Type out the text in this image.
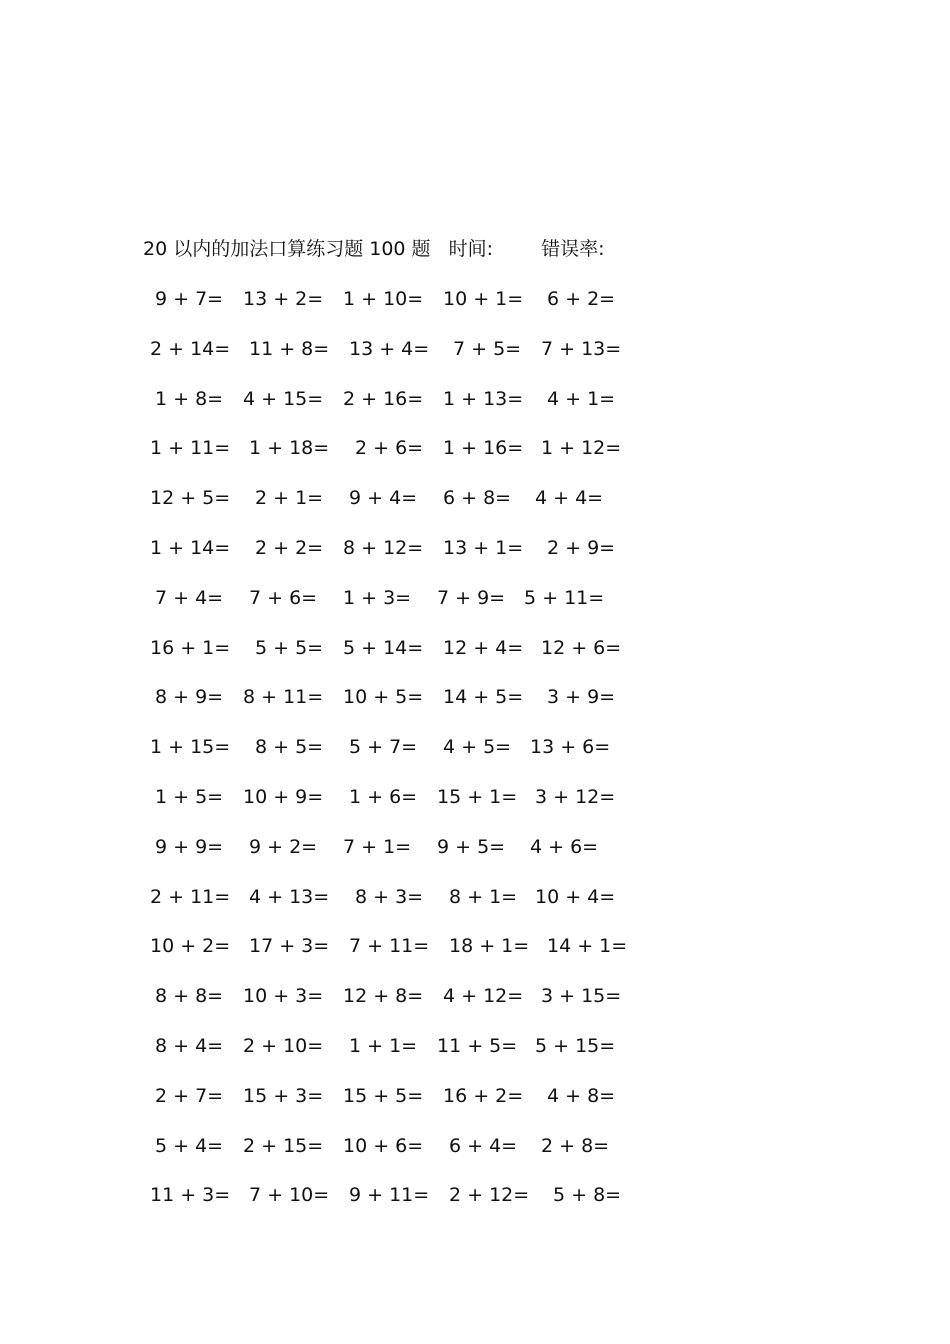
20 以内的加法口算练习题 100 题 时间:	错误率:
9 + 7= 13 + 2= 1 + 10= 10 + 1= 6 + 2=
2 + 14= 11 + 8= 13 + 4= 7 + 5= 7 + 13=
1 + 8= 4 + 15= 2 + 16= 1 + 13= 4 + 1=
1 + 11= 1 + 18= 2 + 6= 1 + 16= 1 + 12=
12 + 5= 2 + 1= 9 + 4= 6 + 8= 4 + 4=
1 + 14= 2 + 2= 8 + 12= 13 + 1= 2 + 9=
7 + 4= 7 + 6= 1 + 3= 7 + 9= 5 + 11=
16 + 1= 5 + 5= 5 + 14= 12 + 4= 12 + 6=
8 + 9= 8 + 11= 10 + 5= 14 + 5= 3 + 9=
1 + 15= 8 + 5= 5 + 7= 4 + 5= 13 + 6=
1 + 5= 10 + 9= 1 + 6= 15 + 1= 3 + 12=
9 + 9= 9 + 2= 7 + 1= 9 + 5= 4 + 6=
2 + 11= 4 + 13= 8 + 3= 8 + 1= 10 + 4=
10 + 2= 17 + 3= 7 + 11= 18 + 1= 14 + 1=
8 + 8= 10 + 3= 12 + 8= 4 + 12= 3 + 15=
8 + 4= 2 + 10= 1 + 1= 11 + 5= 5 + 15=
2 + 7= 15 + 3= 15 + 5= 16 + 2= 4 + 8=
5 + 4= 2 + 15= 10 + 6= 6 + 4= 2 + 8=
11 + 3= 7 + 10= 9 + 11= 2 + 12= 5 + 8=
